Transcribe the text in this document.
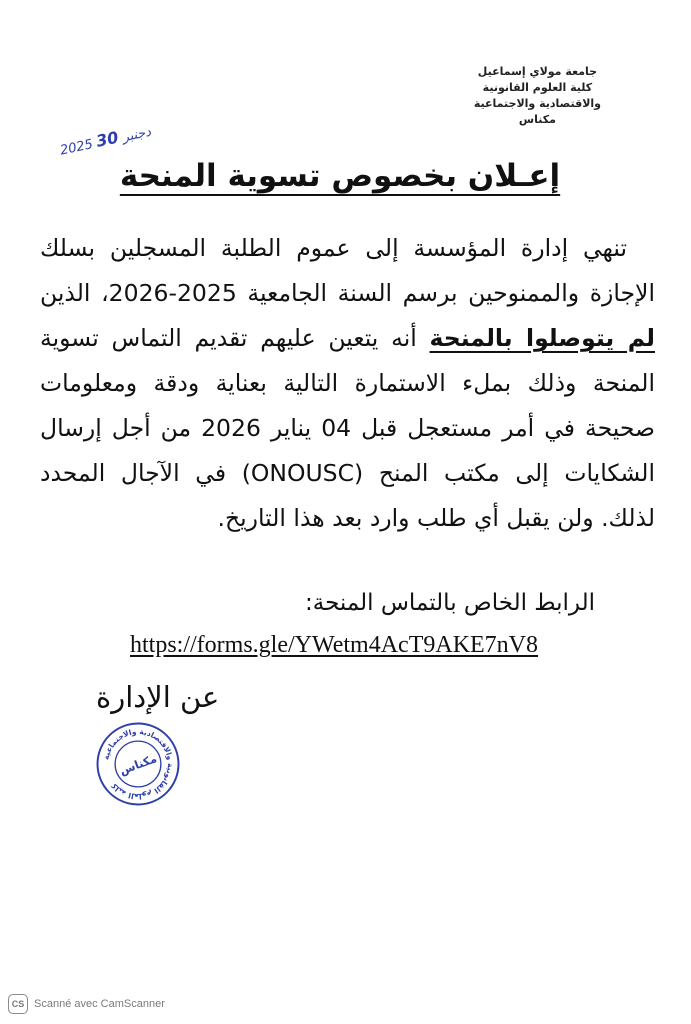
جامعة مولاي إسماعيل
كلية العلوم القانونية
والاقتصادية والاجتماعية
مكناس
2025 دجنبر 30
إعـلان بخصوص تسوية المنحة
تنهي إدارة المؤسسة إلى عموم الطلبة المسجلين بسلك الإجازة والممنوحين برسم السنة الجامعية 2025-2026، الذين لم يتوصلوا بالمنحة أنه يتعين عليهم تقديم التماس تسوية المنحة وذلك بملء الاستمارة التالية بعناية ودقة ومعلومات صحيحة في أمر مستعجل قبل 04 يناير 2026 من أجل إرسال الشكايات إلى مكتب المنح (ONOUSC) في الآجال المحدد لذلك. ولن يقبل أي طلب وارد بعد هذا التاريخ.
الرابط الخاص بالتماس المنحة:
https://forms.gle/YWetm4AcT9AKE7nV8
عن الإدارة
كلية العلوم القانونية والاقتصادية والاجتماعية
مكناس
CS Scanné avec CamScanner
